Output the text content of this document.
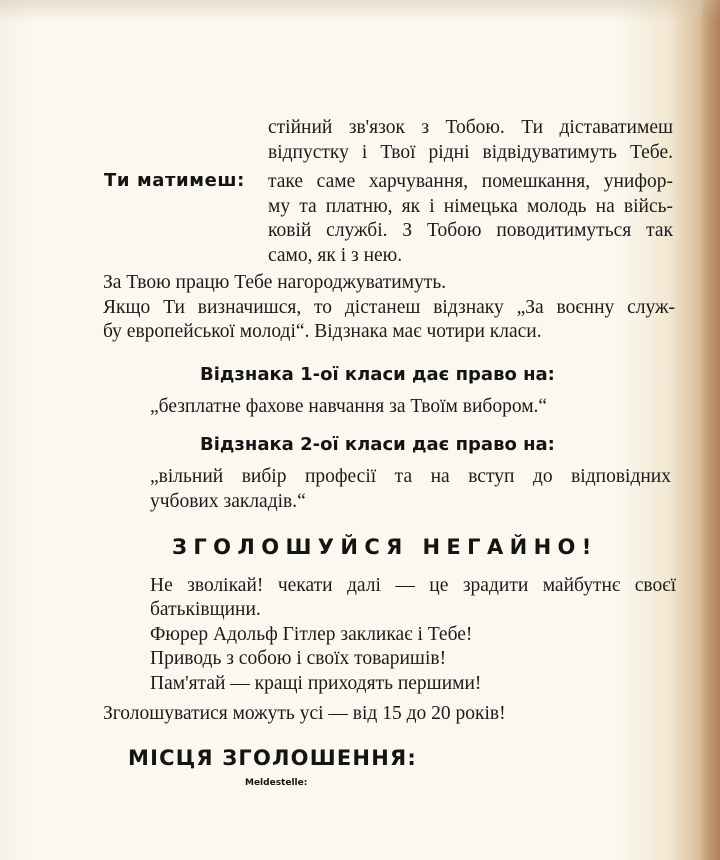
стійний зв'язок з Тобою. Ти діставатимеш
відпустку і Твої рідні відвідуватимуть Тебе.
Ти матимеш: таке саме харчування, помешкання, унифор-
му та платню, як і німецька молодь на війсь-
ковій службі. З Тобою поводитимуться так
само, як і з нею.
За Твою працю Тебе нагороджуватимуть.
Якщо Ти визначишся, то дістанеш відзнаку „За воєнну служ-
бу европейської молоді“. Відзнака має чотири класи.
Відзнака 1-ої класи дає право на:
„безплатне фахове навчання за Твоїм вибором.“
Відзнака 2-ої класи дає право на:
„вільний вибір професії та на вступ до відповідних
учбових закладів.“
ЗГОЛОШУЙСЯ НЕГАЙНО!
Не зволікай! чекати далі — це зрадити майбутнє своєї
батьківщини.
Фюрер Адольф Гітлер закликає і Тебе!
Приводь з собою і своїх товаришів!
Пам'ятай — кращі приходять першими!
Зголошуватися можуть усі — від 15 до 20 років!
МІСЦЯ ЗГОЛОШЕННЯ:
Meldestelle:
